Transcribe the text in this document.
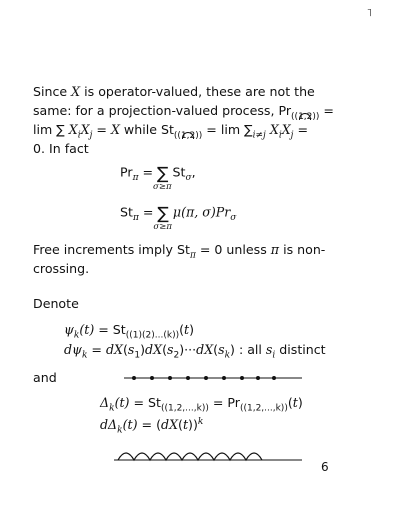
˥
Since X is operator-valued, these are not the
same: for a projection-valued process, $Pr_{((1,2))}$ =
lim ∑ $X_iX_j = X$ while $St_{((1,2))} = \lim \sum_{i\ne j}$ $X_iX_j$ =
0. In fact
$Pr_\pi$ = ∑
σ≥π
$St_\sigma$,
$St_\pi$ = ∑
σ≥π
μ(π, $\sigma)Pr_\sigma$
Free increments imply $St_\pi = 0$ unless π is non-
crossing.
Denote
$\psi_k(t) = St_{((1)(2)...(k))}(t)$
$d\psi_k = dX(s_1)dX(s_2)\cdot\cdot\cdot dX(s_k)$ : all $s_i$ distinct
and
$\Delta_k(t) = St_{((1,2,...,k))} = Pr_{((1,2,...,k))}(t)$
$d\Delta_k(t) = (dX(t))^k$
6
